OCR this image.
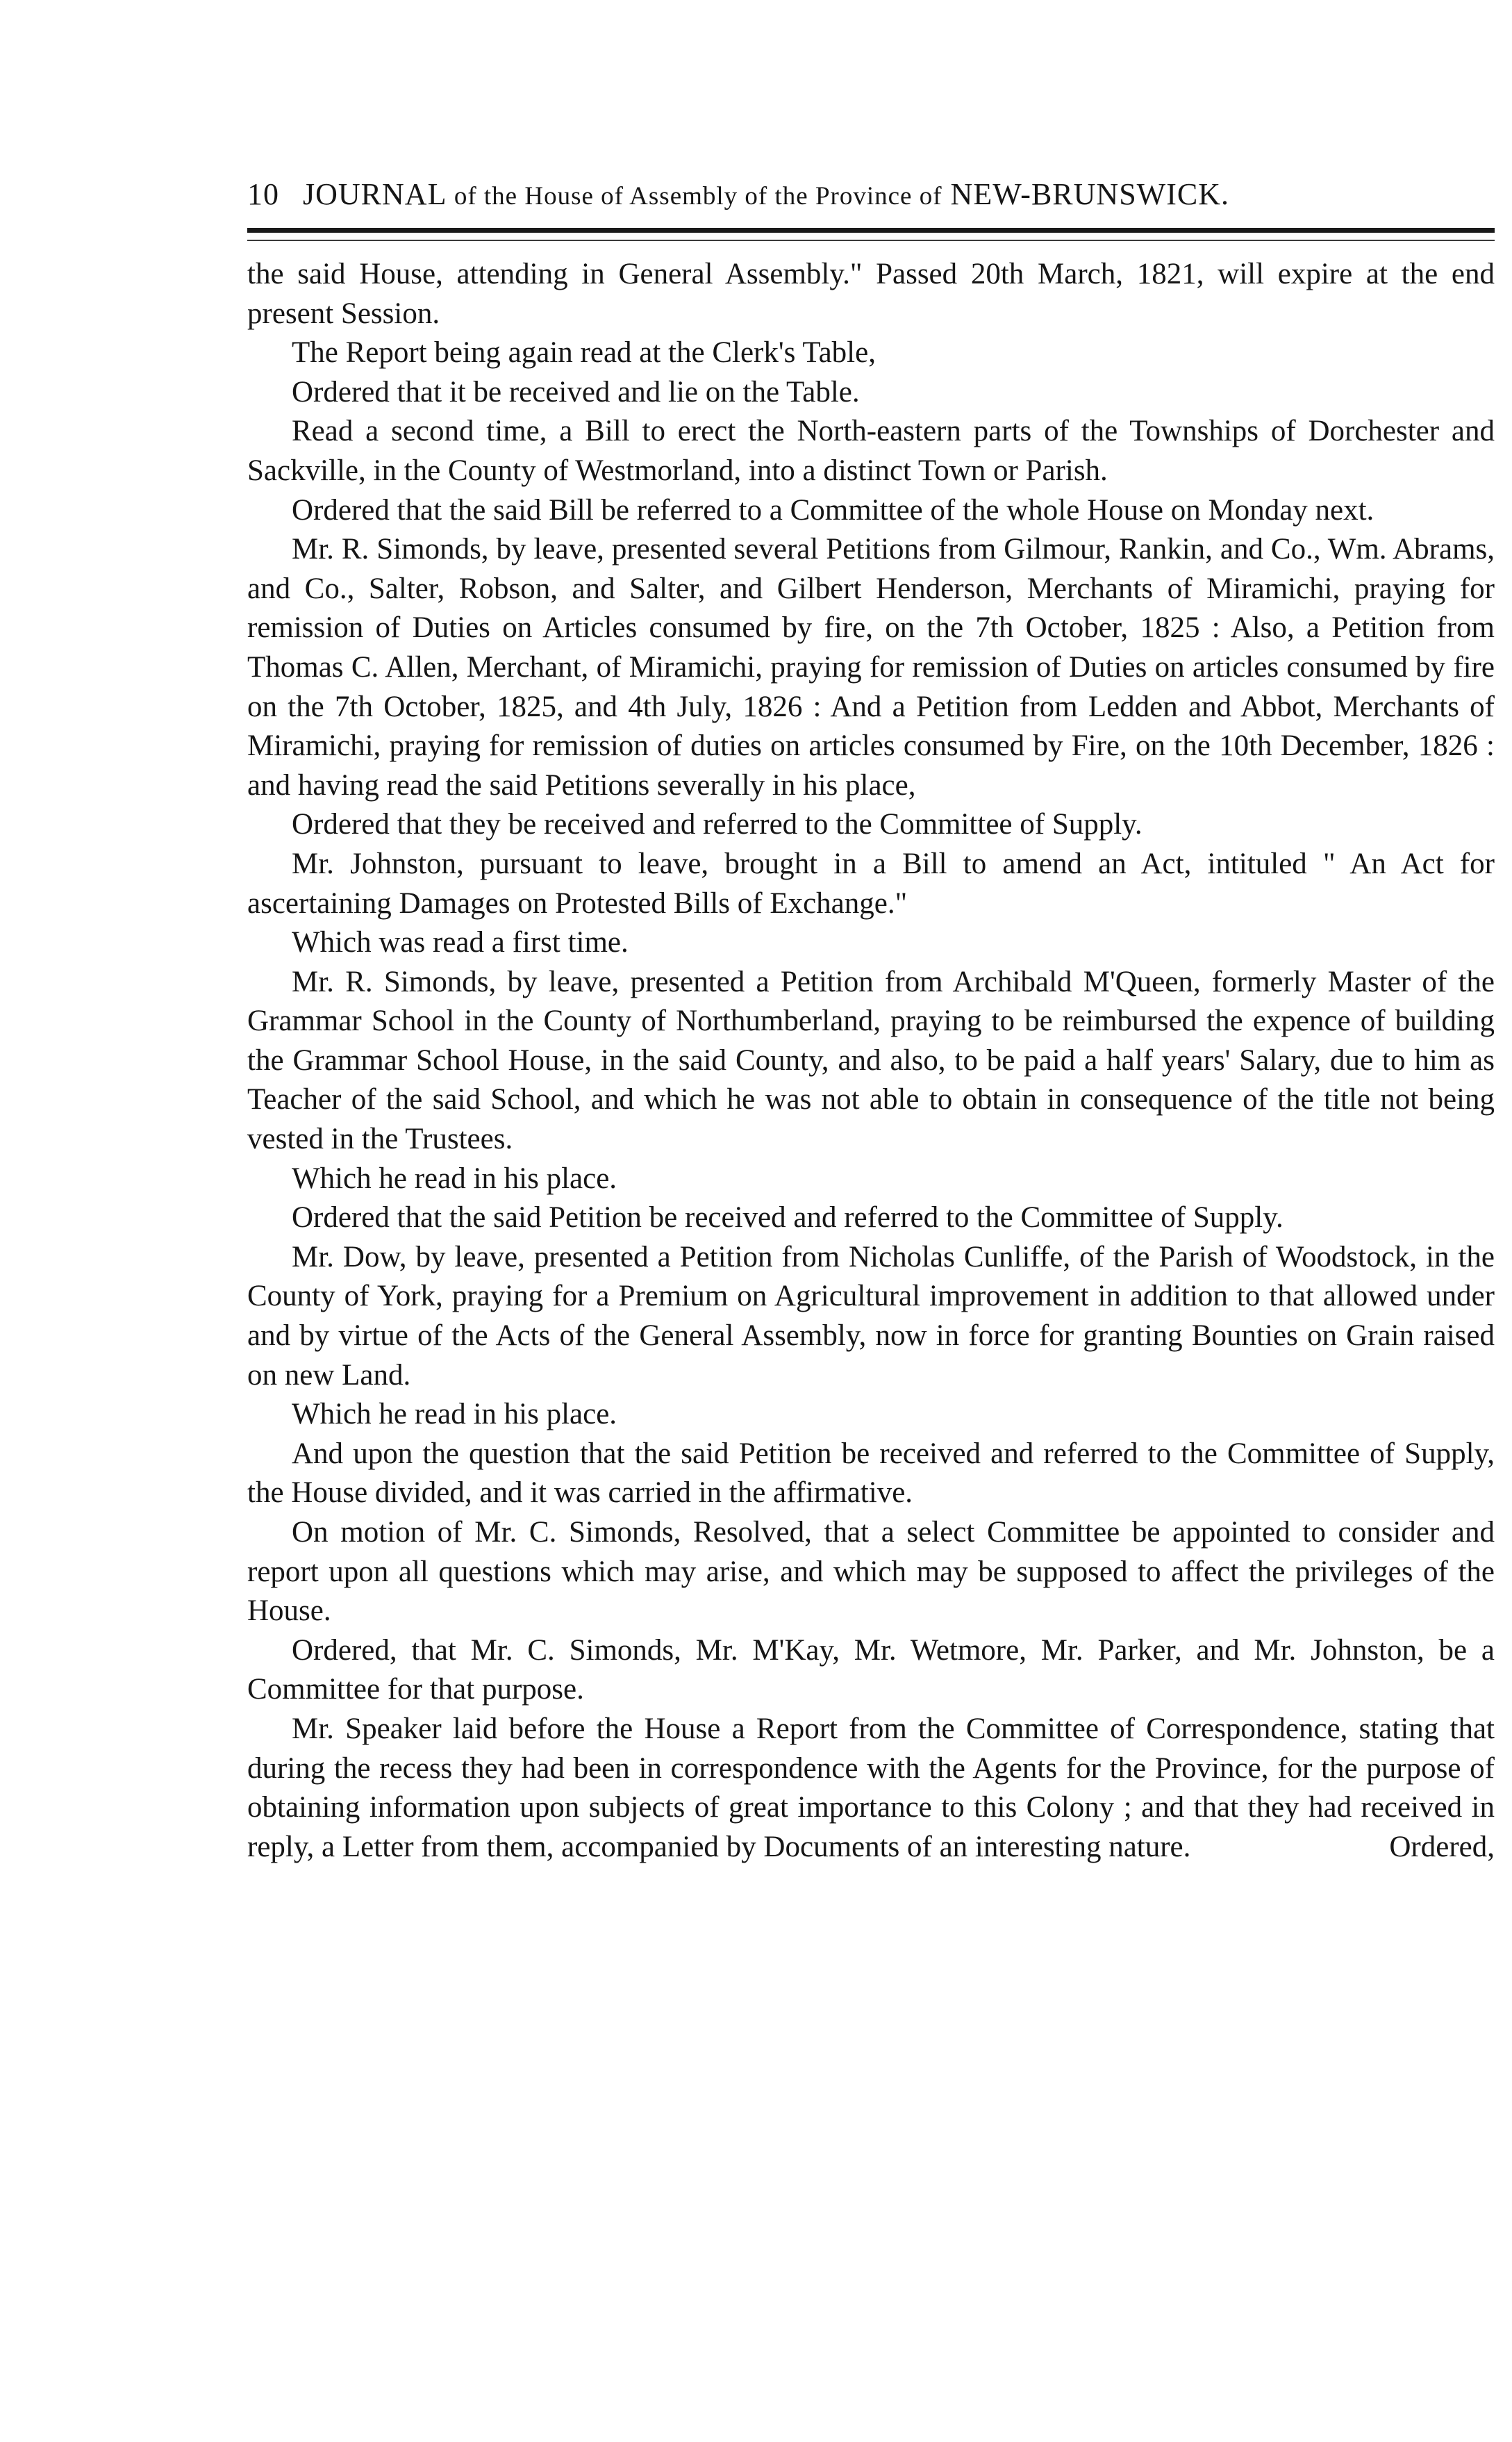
10 JOURNAL of the House of Assembly of the Province of NEW-BRUNSWICK.

the said House, attending in General Assembly." Passed 20th March, 1821, will expire at the end present Session.

The Report being again read at the Clerk's Table,

Ordered that it be received and lie on the Table.

Read a second time, a Bill to erect the North-eastern parts of the Townships of Dorchester and Sackville, in the County of Westmorland, into a distinct Town or Parish.

Ordered that the said Bill be referred to a Committee of the whole House on Monday next.

Mr. R. Simonds, by leave, presented several Petitions from Gilmour, Rankin, and Co., Wm. Abrams, and Co., Salter, Robson, and Salter, and Gilbert Henderson, Merchants of Miramichi, praying for remission of Duties on Articles consumed by fire, on the 7th October, 1825 : Also, a Petition from Thomas C. Allen, Merchant, of Miramichi, praying for remission of Duties on articles consumed by fire on the 7th October, 1825, and 4th July, 1826 : And a Petition from Ledden and Abbot, Merchants of Miramichi, praying for remission of duties on articles consumed by Fire, on the 10th December, 1826 : and having read the said Petitions severally in his place,

Ordered that they be received and referred to the Committee of Supply.

Mr. Johnston, pursuant to leave, brought in a Bill to amend an Act, intituled " An Act for ascertaining Damages on Protested Bills of Exchange."

Which was read a first time.

Mr. R. Simonds, by leave, presented a Petition from Archibald M'Queen, formerly Master of the Grammar School in the County of Northumberland, praying to be reimbursed the expence of building the Grammar School House, in the said County, and also, to be paid a half years' Salary, due to him as Teacher of the said School, and which he was not able to obtain in consequence of the title not being vested in the Trustees.

Which he read in his place.

Ordered that the said Petition be received and referred to the Committee of Supply.

Mr. Dow, by leave, presented a Petition from Nicholas Cunliffe, of the Parish of Woodstock, in the County of York, praying for a Premium on Agricultural improvement in addition to that allowed under and by virtue of the Acts of the General Assembly, now in force for granting Bounties on Grain raised on new Land.

Which he read in his place.

And upon the question that the said Petition be received and referred to the Committee of Supply, the House divided, and it was carried in the affirmative.

On motion of Mr. C. Simonds, Resolved, that a select Committee be appointed to consider and report upon all questions which may arise, and which may be supposed to affect the privileges of the House.

Ordered, that Mr. C. Simonds, Mr. M'Kay, Mr. Wetmore, Mr. Parker, and Mr. Johnston, be a Committee for that purpose.

Mr. Speaker laid before the House a Report from the Committee of Correspondence, stating that during the recess they had been in correspondence with the Agents for the Province, for the purpose of obtaining information upon subjects of great importance to this Colony ; and that they had received in reply, a Letter from them, accompanied by Documents of an interesting nature.	Ordered,
